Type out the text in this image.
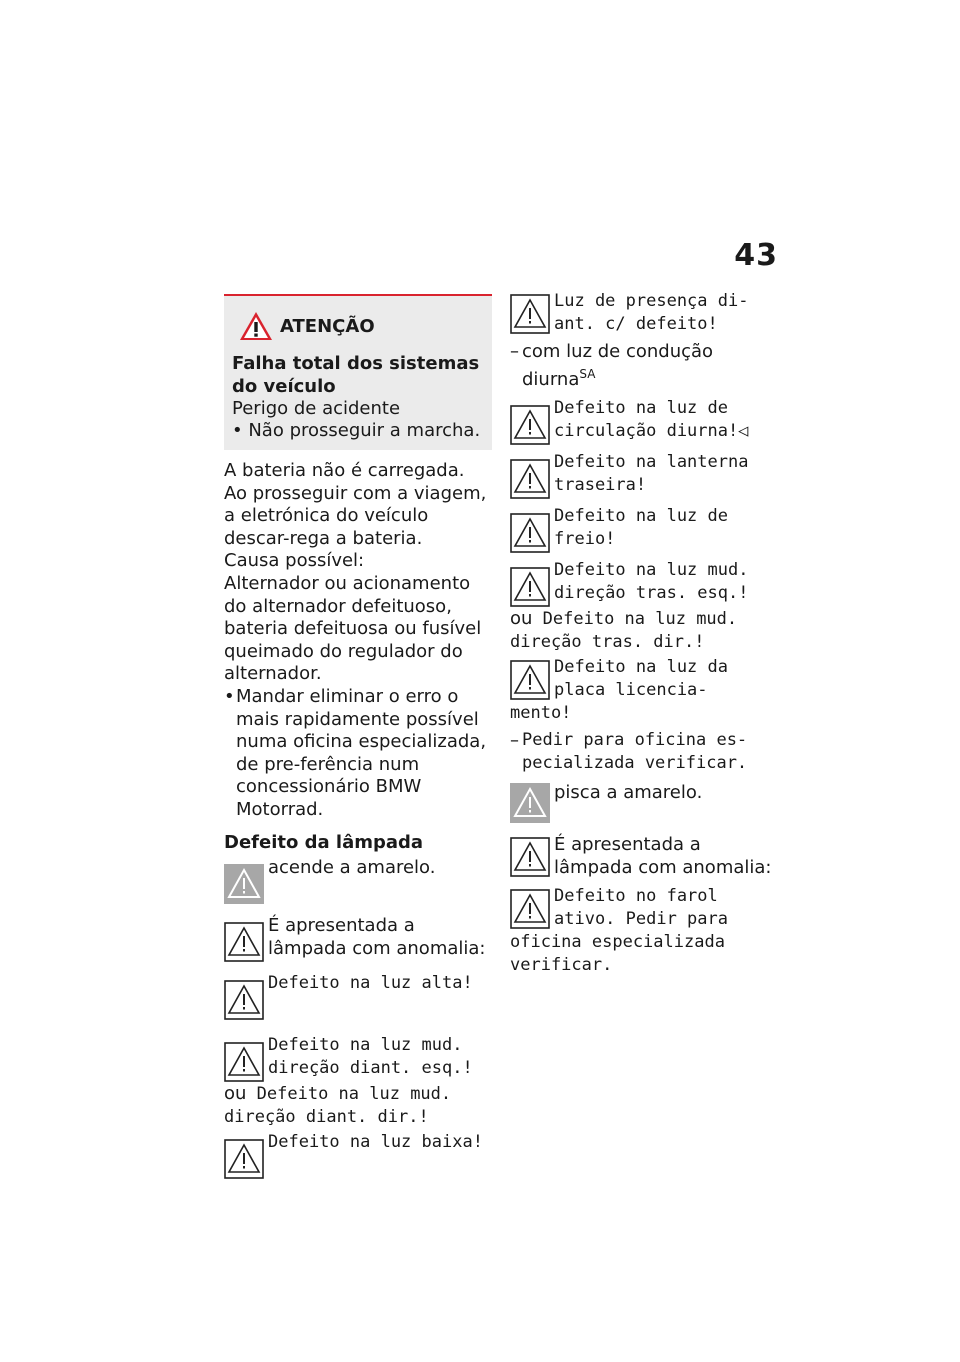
43
ATENÇÃO
Falha total dos sistemas do veículo
Perigo de acidente
• Não prosseguir a marcha.
A bateria não é carregada. Ao prosseguir com a viagem, a eletrónica do veículo descar-rega a bateria.
Causa possível:
Alternador ou acionamento do alternador defeituoso, bateria defeituosa ou fusível queimado do regulador do alternador.
• Mandar eliminar o erro o mais rapidamente possível numa oficina especializada, de pre-ferência num concessionário BMW Motorrad.
Defeito da lâmpada
acende a amarelo.
É apresentada a lâmpada com anomalia:
Defeito na luz alta!
Defeito na luz mud. direção diant. esq.!
ou Defeito na luz mud.
direção diant. dir.!
Defeito na luz baixa!
Luz de presença di-ant. c/ defeito!
– com luz de condução diurna$^{SA}$
Defeito na luz de circulação diurna!◁
Defeito na lanterna traseira!
Defeito na luz de freio!
Defeito na luz mud. direção tras. esq.!
ou Defeito na luz mud.
direção tras. dir.!
Defeito na luz da placa licencia-
mento!
– Pedir para oficina es-pecializada verificar.
pisca a amarelo.
É apresentada a lâmpada com anomalia:
Defeito no farol ativo. Pedir para
oficina especializada verificar.
